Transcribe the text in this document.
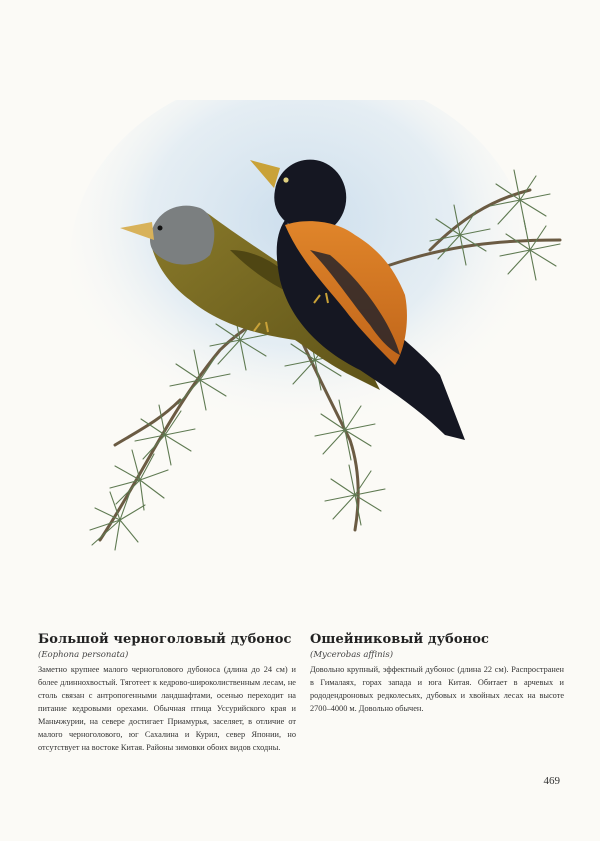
Большой черноголовый дубонос
(Eophona personata)

Заметно крупнее малого черноголового дубоноса (длина до 24 см) и более длиннохвостый. Тяготеет к кедрово-широколиственным лесам, не столь связан с антропогенными ландшафтами, осенью переходит на питание кедровыми орехами. Обычная птица Уссурийского края и Маньчжурии, на севере достигает Приамурья, заселяет, в отличие от малого черноголового, юг Сахалина и Курил, север Японии, но отсутствует на востоке Китая. Районы зимовки обоих видов сходны.

Ошейниковый дубонос
(Mycerobas affinis)

Довольно крупный, эффектный дубонос (длина 22 см). Распространен в Гималаях, горах запада и юга Китая. Обитает в арчевых и рододендроновых редколесьях, дубовых и хвойных лесах на высоте 2700–4000 м. Довольно обычен.

469
